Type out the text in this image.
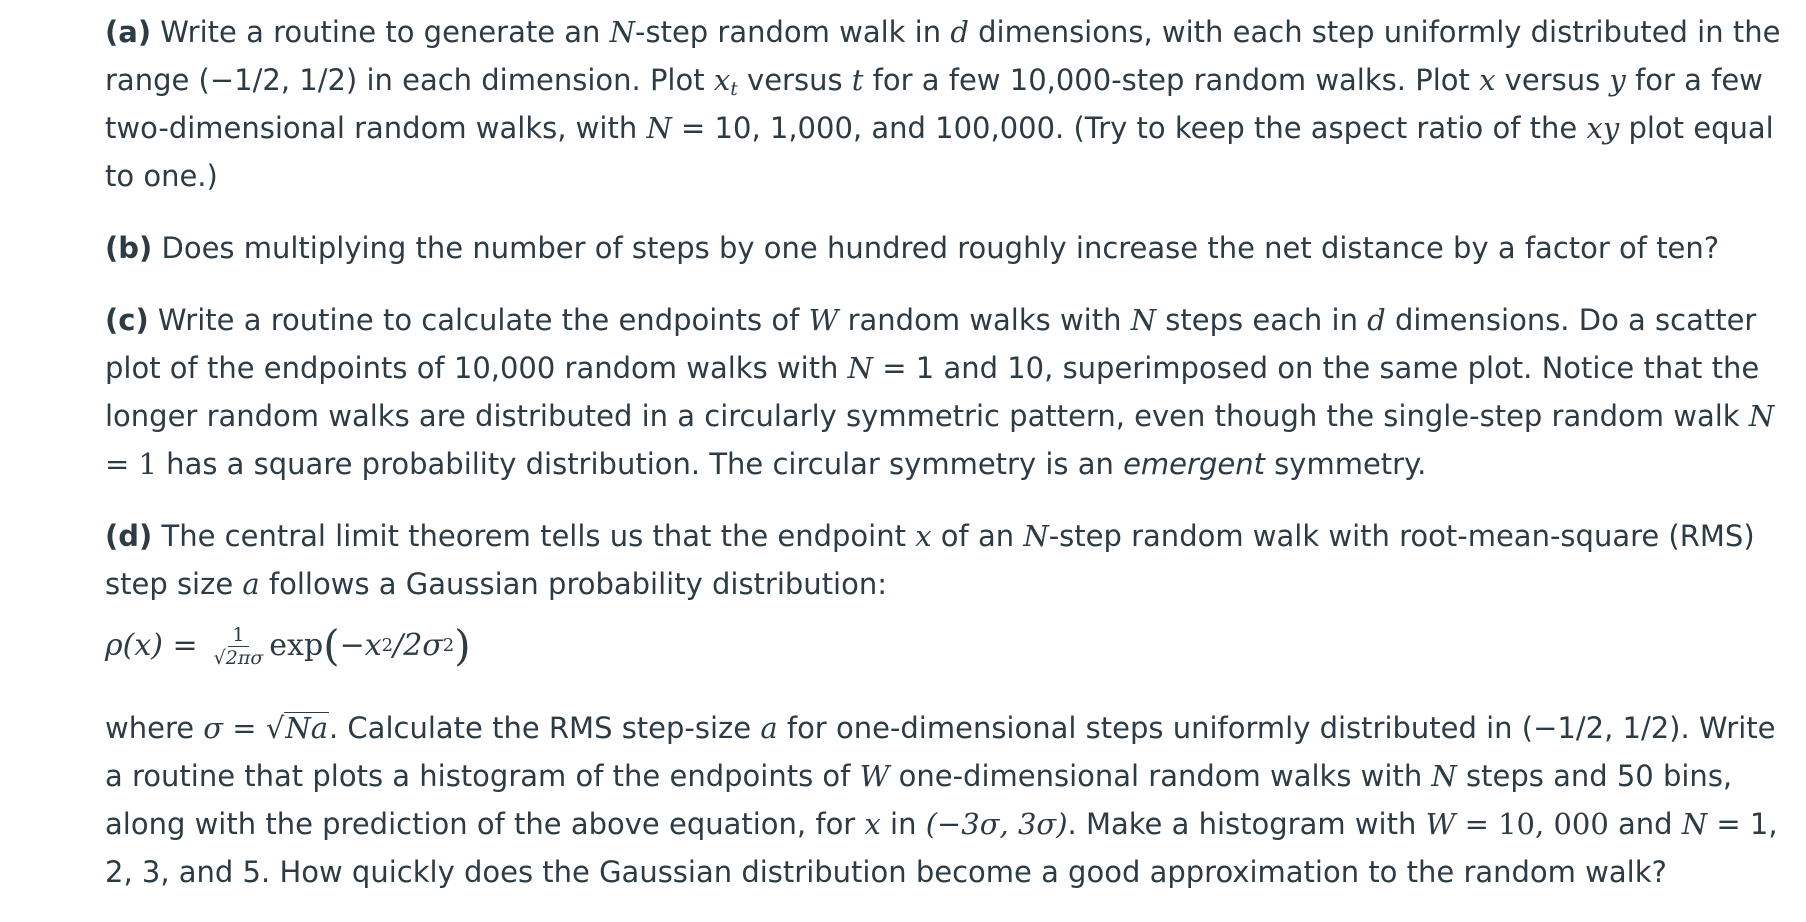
(a) Write a routine to generate an N-step random walk in d dimensions, with each step uniformly distributed in the range (−1/2, 1/2) in each dimension. Plot $x_t$ versus t for a few 10,000-step random walks. Plot x versus y for a few two-dimensional random walks, with N = 10, 1,000, and 100,000. (Try to keep the aspect ratio of the xy plot equal to one.)

(b) Does multiplying the number of steps by one hundred roughly increase the net distance by a factor of ten?

(c) Write a routine to calculate the endpoints of W random walks with N steps each in d dimensions. Do a scatter plot of the endpoints of 10,000 random walks with N = 1 and 10, superimposed on the same plot. Notice that the longer random walks are distributed in a circularly symmetric pattern, even though the single-step random walk N = 1 has a square probability distribution. The circular symmetry is an emergent symmetry.

(d) The central limit theorem tells us that the endpoint x of an N-step random walk with root-mean-square (RMS) step size a follows a Gaussian probability distribution:

$\rho(x) = \frac{1}{√2\pi\sigma}$ exp ( −x 2 /2σ 2 )

where σ = √Na. Calculate the RMS step-size a for one-dimensional steps uniformly distributed in (−1/2, 1/2). Write a routine that plots a histogram of the endpoints of W one-dimensional random walks with N steps and 50 bins, along with the prediction of the above equation, for x in (−3σ, 3σ). Make a histogram with W = 10, 000 and N = 1, 2, 3, and 5. How quickly does the Gaussian distribution become a good approximation to the random walk?
